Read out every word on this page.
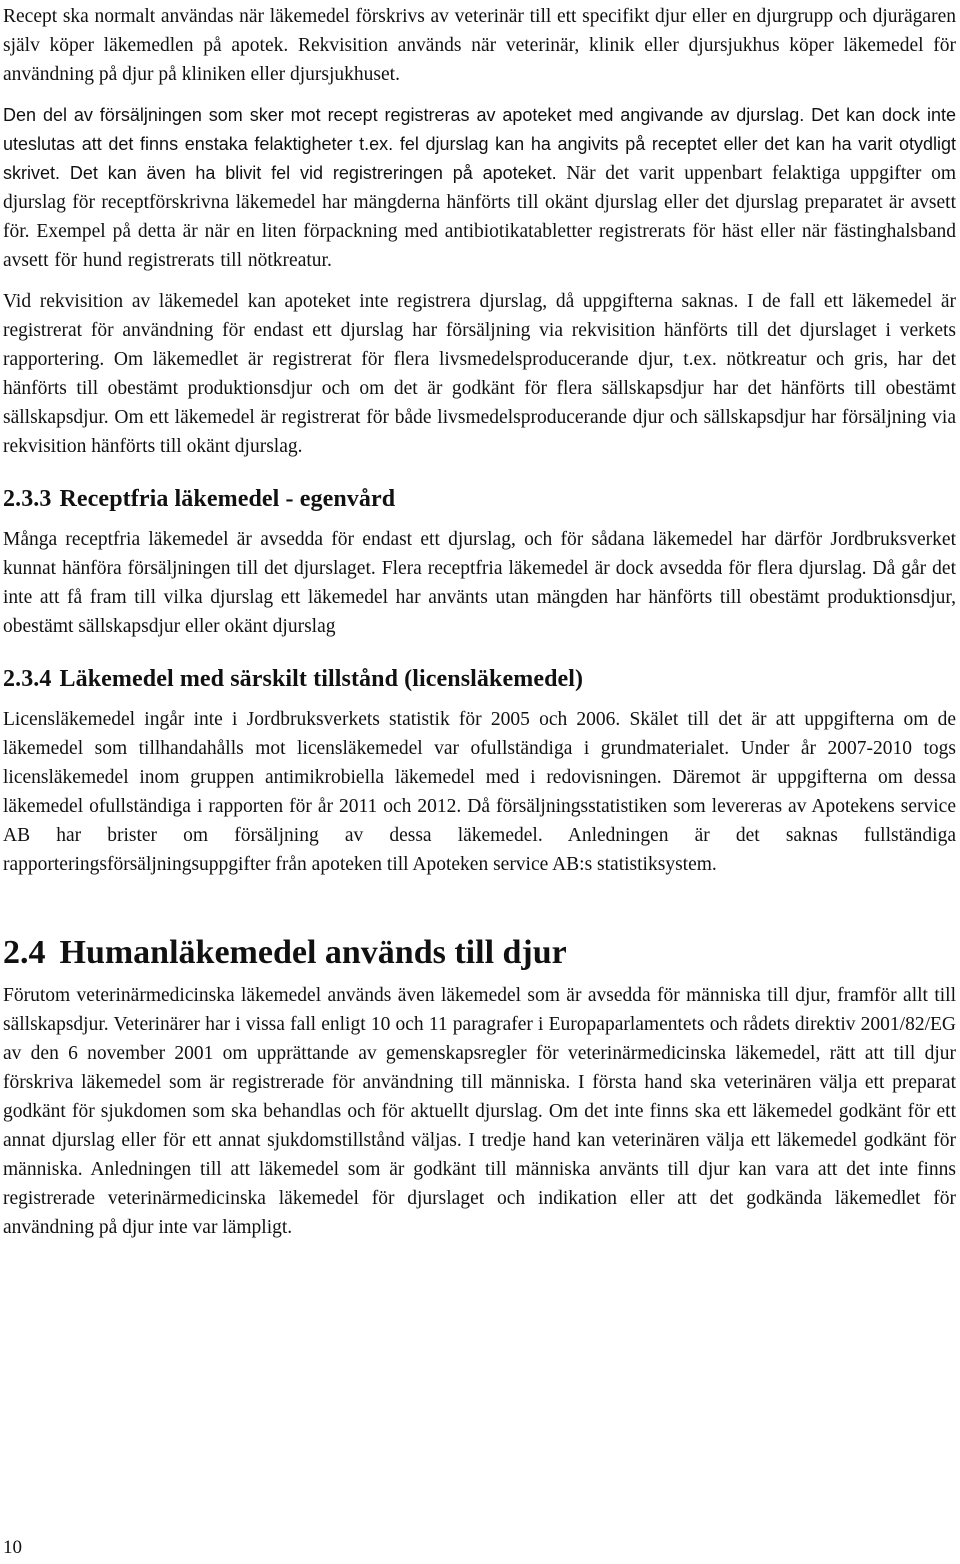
Recept ska normalt användas när läkemedel förskrivs av veterinär till ett specifikt djur eller en djurgrupp och djurägaren själv köper läkemedlen på apotek. Rekvisition används när veterinär, klinik eller djursjukhus köper läkemedel för användning på djur på kliniken eller djursjukhuset.

Den del av försäljningen som sker mot recept registreras av apoteket med angivande av djurslag. Det kan dock inte uteslutas att det finns enstaka felaktigheter t.ex. fel djurslag kan ha angivits på receptet eller det kan ha varit otydligt skrivet. Det kan även ha blivit fel vid registreringen på apoteket. När det varit uppenbart felaktiga uppgifter om djurslag för receptförskrivna läkemedel har mängderna hänförts till okänt djurslag eller det djurslag preparatet är avsett för. Exempel på detta är när en liten förpackning med antibiotikatabletter registrerats för häst eller när fästinghalsband avsett för hund registrerats till nötkreatur.

Vid rekvisition av läkemedel kan apoteket inte registrera djurslag, då uppgifterna saknas. I de fall ett läkemedel är registrerat för användning för endast ett djurslag har försäljning via rekvisition hänförts till det djurslaget i verkets rapportering. Om läkemedlet är registrerat för flera livsmedelsproducerande djur, t.ex. nötkreatur och gris, har det hänförts till obestämt produktionsdjur och om det är godkänt för flera sällskapsdjur har det hänförts till obestämt sällskapsdjur. Om ett läkemedel är registrerat för både livsmedelsproducerande djur och sällskapsdjur har försäljning via rekvisition hänförts till okänt djurslag.

2.3.3 Receptfria läkemedel - egenvård

Många receptfria läkemedel är avsedda för endast ett djurslag, och för sådana läkemedel har därför Jordbruksverket kunnat hänföra försäljningen till det djurslaget. Flera receptfria läkemedel är dock avsedda för flera djurslag. Då går det inte att få fram till vilka djurslag ett läkemedel har använts utan mängden har hänförts till obestämt produktionsdjur, obestämt sällskapsdjur eller okänt djurslag

2.3.4 Läkemedel med särskilt tillstånd (licensläkemedel)

Licensläkemedel ingår inte i Jordbruksverkets statistik för 2005 och 2006. Skälet till det är att uppgifterna om de läkemedel som tillhandahålls mot licensläkemedel var ofullständiga i grundmaterialet. Under år 2007-2010 togs licensläkemedel inom gruppen antimikrobiella läkemedel med i redovisningen. Däremot är uppgifterna om dessa läkemedel ofullständiga i rapporten för år 2011 och 2012. Då försäljningsstatistiken som levereras av Apotekens service AB har brister om försäljning av dessa läkemedel. Anledningen är det saknas fullständiga rapporteringsförsäljningsuppgifter från apoteken till Apoteken service AB:s statistiksystem.

2.4 Humanläkemedel används till djur

Förutom veterinärmedicinska läkemedel används även läkemedel som är avsedda för människa till djur, framför allt till sällskapsdjur. Veterinärer har i vissa fall enligt 10 och 11 paragrafer i Europaparlamentets och rådets direktiv 2001/82/EG av den 6 november 2001 om upprättande av gemenskapsregler för veterinärmedicinska läkemedel, rätt att till djur förskriva läkemedel som är registrerade för användning till människa. I första hand ska veterinären välja ett preparat godkänt för sjukdomen som ska behandlas och för aktuellt djurslag. Om det inte finns ska ett läkemedel godkänt för ett annat djurslag eller för ett annat sjukdomstillstånd väljas. I tredje hand kan veterinären välja ett läkemedel godkänt för människa. Anledningen till att läkemedel som är godkänt till människa använts till djur kan vara att det inte finns registrerade veterinärmedicinska läkemedel för djurslaget och indikation eller att det godkända läkemedlet för användning på djur inte var lämpligt.

10
